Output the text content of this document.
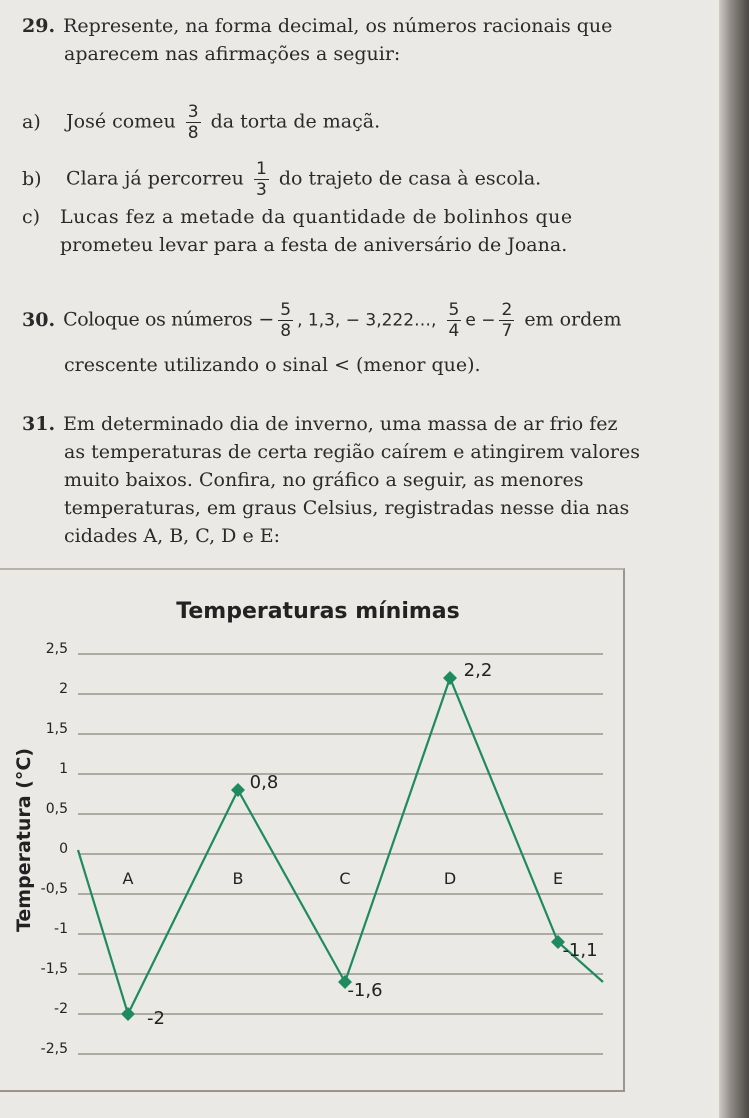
29. Represente, na forma decimal, os números racionais que
aparecem nas afirmações a seguir:
a) José comeu $\frac{3}{8}$ da torta de maçã.
b) Clara já percorreu $\frac{1}{3}$ do trajeto de casa à escola.
c) Lucas fez a metade da quantidade de bolinhos que
prometeu levar para a festa de aniversário de Joana.
30. Coloque os números − $\frac{5}{8}$ , 1,3, − 3,222…, $\frac{5}{4}$ $e - \frac{2}{7}$ em ordem
crescente utilizando o sinal < (menor que).
31. Em determinado dia de inverno, uma massa de ar frio fez
as temperaturas de certa região caírem e atingirem valores
muito baixos. Confira, no gráfico a seguir, as menores
temperaturas, em graus Celsius, registradas nesse dia nas
cidades A, B, C, D e E:
Temperaturas mínimas
Temperatura (°C)
2,5
2
1,5
1
0,5
0
-0,5
-1
-1,5
-2
-2,5
A	B	C	D	E
-2
0,8
-1,6
2,2
-1,1
